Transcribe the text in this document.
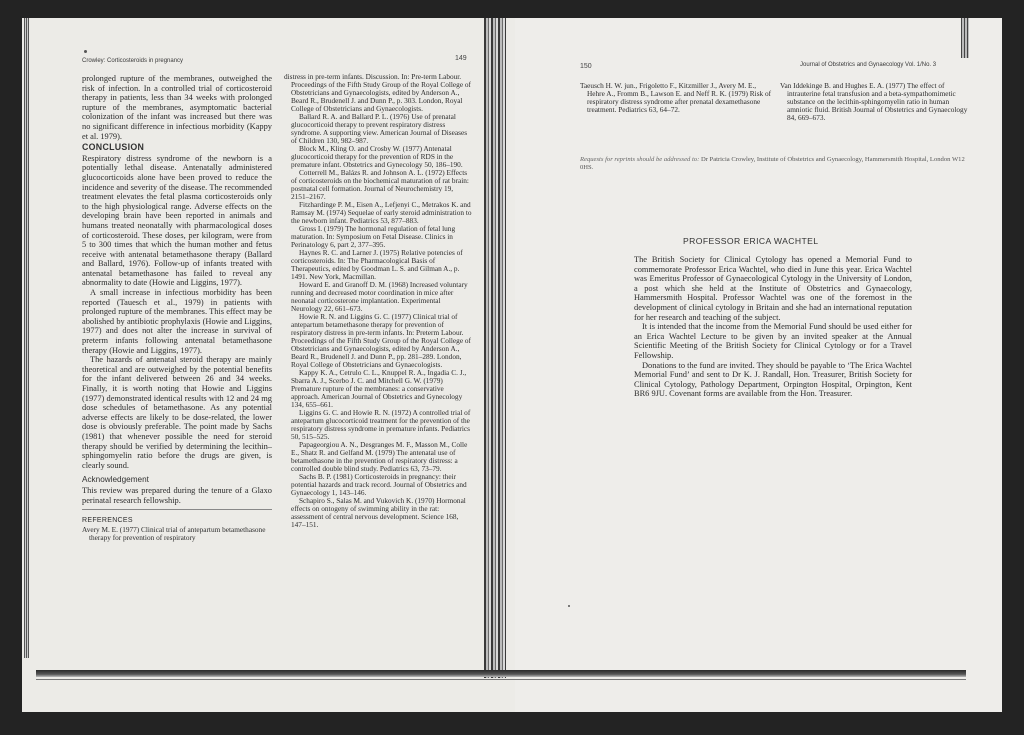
Crowley: Corticosteroids in pregnancy	149

prolonged rupture of the membranes, outweighed the risk of infection. In a controlled trial of corticosteroid therapy in patients, less than 34 weeks with prolonged rupture of the membranes, asymptomatic bacterial colonization of the infant was increased but there was no significant difference in infectious morbidity (Kappy et al. 1979).

CONCLUSION

Respiratory distress syndrome of the newborn is a potentially lethal disease. Antenatally administered glucocorticoids alone have been proved to reduce the incidence and severity of the disease. The recommended treatment elevates the fetal plasma corticosteroids only to the high physiological range. Adverse effects on the developing brain have been reported in animals and humans treated neonatally with pharmacological doses of corticosteroid. These doses, per kilogram, were from 5 to 300 times that which the human mother and fetus receive with antenatal betamethasone therapy (Ballard and Ballard, 1976). Follow-up of infants treated with antenatal betamethasone has failed to reveal any abnormality to date (Howie and Liggins, 1977).

A small increase in infectious morbidity has been reported (Tauesch et al., 1979) in patients with prolonged rupture of the membranes. This effect may be abolished by antibiotic prophylaxis (Howie and Liggins, 1977) and does not alter the increase in survival of preterm infants following antenatal betamethasone therapy (Howie and Liggins, 1977).

The hazards of antenatal steroid therapy are mainly theoretical and are outweighed by the potential benefits for the infant delivered between 26 and 34 weeks. Finally, it is worth noting that Howie and Liggins (1977) demonstrated identical results with 12 and 24 mg dose schedules of betamethasone. As any potential adverse effects are likely to be dose-related, the lower dose is obviously preferable. The point made by Sachs (1981) that whenever possible the need for steroid therapy should be verified by determining the lecithin–sphingomyelin ratio before the drugs are given, is clearly sound.

Acknowledgement

This review was prepared during the tenure of a Glaxo perinatal research fellowship.

REFERENCES

Avery M. E. (1977) Clinical trial of antepartum betamethasone therapy for prevention of respiratory

distress in pre-term infants. Discussion. In: Pre-term Labour. Proceedings of the Fifth Study Group of the Royal College of Obstetricians and Gynaecologists, edited by Anderson A., Beard R., Brudenell J. and Dunn P., p. 303. London, Royal College of Obstetricians and Gynaecologists.

Ballard R. A. and Ballard P. L. (1976) Use of prenatal glucocorticoid therapy to prevent respiratory distress syndrome. A supporting view. American Journal of Diseases of Children 130, 982–987.

Block M., Kling O. and Crosby W. (1977) Antenatal glucocorticoid therapy for the prevention of RDS in the premature infant. Obstetrics and Gynecology 50, 186–190.

Cotterrell M., Balázs R. and Johnson A. L. (1972) Effects of corticosteroids on the biochemical maturation of rat brain: postnatal cell formation. Journal of Neurochemistry 19, 2151–2167.

Fitzhardinge P. M., Eisen A., Lefjenyi C., Metrakos K. and Ramsay M. (1974) Sequelae of early steroid administration to the newborn infant. Pediatrics 53, 877–883.

Gross I. (1979) The hormonal regulation of fetal lung maturation. In: Symposium on Fetal Disease. Clinics in Perinatology 6, part 2, 377–395.

Haynes R. C. and Larner J. (1975) Relative potencies of corticosteroids. In: The Pharmacological Basis of Therapeutics, edited by Goodman L. S. and Gilman A., p. 1491. New York, Macmillan.

Howard E. and Granoff D. M. (1968) Increased voluntary running and decreased motor coordination in mice after neonatal corticosterone implantation. Experimental Neurology 22, 661–673.

Howie R. N. and Liggins G. C. (1977) Clinical trial of antepartum betamethasone therapy for prevention of respiratory distress in pre-term infants. In: Preterm Labour. Proceedings of the Fifth Study Group of the Royal College of Obstetricians and Gynaecologists, edited by Anderson A., Beard R., Brudenell J. and Dunn P., pp. 281–289. London, Royal College of Obstetricians and Gynaecologists.

Kappy K. A., Cetrulo C. L., Knuppel R. A., Ingadia C. J., Sbarra A. J., Scerbo J. C. and Mitchell G. W. (1979) Premature rupture of the membranes: a conservative approach. American Journal of Obstetrics and Gynecology 134, 655–661.

Liggins G. C. and Howie R. N. (1972) A controlled trial of antepartum glucocorticoid treatment for the prevention of the respiratory distress syndrome in premature infants. Pediatrics 50, 515–525.

Papageorgiou A. N., Desgranges M. F., Masson M., Colle E., Shatz R. and Gelfand M. (1979) The antenatal use of betamethasone in the prevention of respiratory distress: a controlled double blind study. Pediatrics 63, 73–79.

Sachs B. P. (1981) Corticosteroids in pregnancy: their potential hazards and track record. Journal of Obstetrics and Gynaecology 1, 143–146.

Schapiro S., Salas M. and Vukovich K. (1970) Hormonal effects on ontogeny of swimming ability in the rat: assessment of central nervous development. Science 168, 147–151.

150	Journal of Obstetrics and Gynaecology Vol. 1/No. 3

Taeusch H. W. jun., Frigoletto F., Kitzmiller J., Avery M. E., Hehre A., Fromm B., Lawson E. and Neff R. K. (1979) Risk of respiratory distress syndrome after prenatal dexamethasone treatment. Pediatrics 63, 64–72.

Van Iddekinge B. and Hughes E. A. (1977) The effect of intrauterine fetal transfusion and a beta-sympathomimetic substance on the lecithin-sphingomyelin ratio in human amniotic fluid. British Journal of Obstetrics and Gynaecology 84, 669–673.

Requests for reprints should be addressed to: Dr Patricia Crowley, Institute of Obstetrics and Gynaecology, Hammersmith Hospital, London W12 0HS.
PROFESSOR ERICA WACHTEL

The British Society for Clinical Cytology has opened a Memorial Fund to commemorate Professor Erica Wachtel, who died in June this year. Erica Wachtel was Emeritus Professor of Gynaecological Cytology in the University of London, a post which she held at the Institute of Obstetrics and Gynaecology, Hammersmith Hospital. Professor Wachtel was one of the foremost in the development of clinical cytology in Britain and she had an international reputation for her research and teaching of the subject.

It is intended that the income from the Memorial Fund should be used either for an Erica Wachtel Lecture to be given by an invited speaker at the Annual Scientific Meeting of the British Society for Clinical Cytology or for a Travel Fellowship.

Donations to the fund are invited. They should be payable to ‘The Erica Wachtel Memorial Fund’ and sent to Dr K. J. Randall, Hon. Treasurer, British Society for Clinical Cytology, Pathology Department, Orpington Hospital, Orpington, Kent BR6 9JU. Covenant forms are available from the Hon. Treasurer.
